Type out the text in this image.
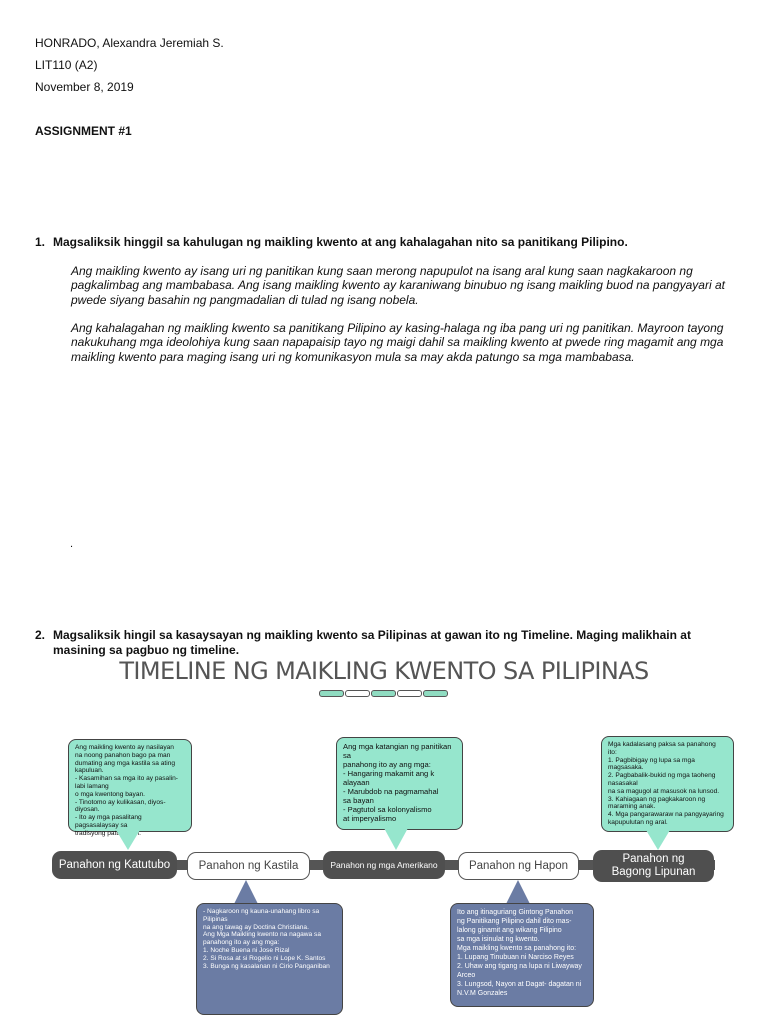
HONRADO, Alexandra Jeremiah S.
LIT110 (A2)
November 8, 2019
ASSIGNMENT #1
1. Magsaliksik hinggil sa kahulugan ng maikling kwento at ang kahalagahan nito sa panitikang Pilipino.
Ang maikling kwento ay isang uri ng panitikan kung saan merong napupulot na isang aral kung saan nagkakaroon ng pagkalimbag ang mambabasa. Ang isang maikling kwento ay karaniwang binubuo ng isang maikling buod na pangyayari at pwede siyang basahin ng pangmadalian di tulad ng isang nobela.
Ang kahalagahan ng maikling kwento sa panitikang Pilipino ay kasing-halaga ng iba pang uri ng panitikan. Mayroon tayong nakukuhang mga ideolohiya kung saan napapaisip tayo ng maigi dahil sa maikling kwento at pwede ring magamit ang mga maikling kwento para maging isang uri ng komunikasyon mula sa may akda patungo sa mga mambabasa.
.
2. Magsaliksik hingil sa kasaysayan ng maikling kwento sa Pilipinas at gawan ito ng Timeline. Maging malikhain at masining sa pagbuo ng timeline.
TIMELINE NG MAIKLING KWENTO SA PILIPINAS
Ang maikling kwento ay nasilayan
na noong panahon bago pa man
dumating ang mga kastila sa ating kapuluan.
- Kasamihan sa mga ito ay pasalin-labi lamang
o mga kwentong bayan.
- Tinotomo ay kulikasan, diyos-diyosan.
- Ito ay mga pasalitang pagsasalaysay sa
tradisyong patulkuyan.
Ang mga katangian ng panitikan sa
panahong ito ay ang mga:
- Hangaring makamit ang k alayaan
- Marubdob na pagmamahal
sa bayan
- Pagtutol sa kolonyalismo
at imperyalismo
Mga kadalasang paksa sa panahong
ito:
1. Pagbibigay ng lupa sa mga magsasaka.
2. Pagbabalik-bukid ng mga taoheng nasasakal
na sa magugol at masusok na lunsod.
3. Kahiagaan ng pagkakaroon ng maraming anak.
4. Mga pangarawaraw na pangyayaring
kapupulutan ng aral.
Panahon ng Katutubo	Panahon ng Kastila	Panahon ng mga Amerikano	Panahon ng Hapon
Panahon ng
Bagong Lipunan
- Nagkaroon ng kauna-unahang libro sa Pilipinas
na ang tawag ay Doctina Christiana.
Ang Mga Maikling kwento na nagawa sa
panahong ito ay ang mga:
1. Noche Buena ni Jose Rizal
2. Si Rosa at si Rogelio ni Lope K. Santos
3. Bunga ng kasalanan ni Cirio Panganiban
Ito ang itinaguriang Gintong Panahon
ng Panitikang Pilipino dahil dito mas-
lalong ginamit ang wikang Filipino
sa mga isinulat ng kwento.
Mga maikling kwento sa panahong ito:
1. Lupang Tinubuan ni Narciso Reyes
2. Uhaw ang tigang na lupa ni Liwayway
Arceo
3. Lungsod, Nayon at Dagat- dagatan ni
N.V.M Gonzales
